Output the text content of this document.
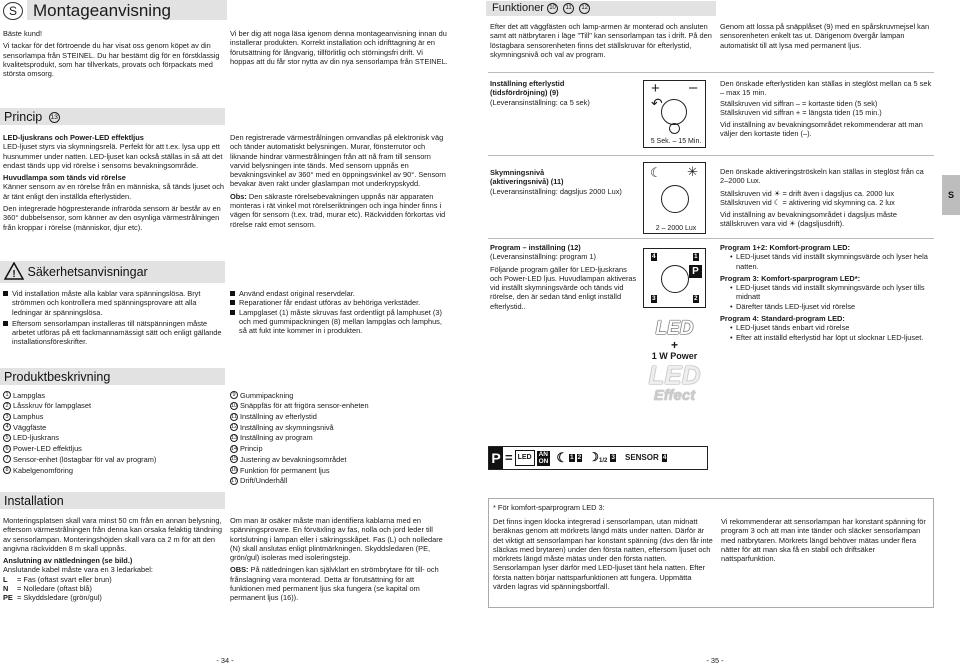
S Montageanvisning

Bäste kund!

Vi tackar för det förtroende du har visat oss genom köpet av din sensorlampa från STEINEL. Du har bestämt dig för en förstklassig kvalitetsprodukt, som har tillverkats, provats och förpackats med största omsorg.

Vi ber dig att noga läsa igenom denna montageanvisning innan du installerar produkten. Korrekt installation och idrifttagning är en förutsättning för långvarig, tillförlitlig och störningsfri drift. Vi hoppas att du får stor nytta av din nya sensorlampa från STEINEL.
Princip 13

LED-ljuskrans och Power-LED effektljus

LED-ljuset styrs via skymningsrelä. Perfekt för att t.ex. lysa upp ett husnummer under natten. LED-ljuset kan också ställas in så att det endast tänds upp vid rörelse i sensorns bevakningsområde.

Huvudlampa som tänds vid rörelse

Känner sensorn av en rörelse från en människa, så tänds ljuset och är tänt enligt den inställda efterlystiden.

Den integrerade högpresterande infraröda sensorn är består av en 360° dubbelsensor, som känner av den osynliga värmestrålningen från kroppar i rörelse (människor, djur etc).

Den registrerade värmestrålningen omvandlas på elektronisk väg och tänder automatiskt belysningen. Murar, fönsterrutor och liknande hindrar värmestrålningen från att nå fram till sensorn varvid belysningen inte tänds. Med sensorn uppnås en bevakningsvinkel av 360° med en öppningsvinkel av 90°. Sensorn bevakar även rakt under glaslampan mot underkrypskydd.

Obs: Den säkraste rörelsebevakningen uppnås när apparaten monteras i rät vinkel mot rörelseriktningen och inga hinder finns i vägen för sensorn (t.ex. träd, murar etc). Räckvidden förkortas vid rörelse rakt emot sensorn.

! Säkerhetsanvisningar
Vid installation måste alla kablar vara spänningslösa. Bryt strömmen och kontrollera med spänningsprovare att alla ledningar är spänningslösa.
Eftersom sensorlampan installeras till nätspänningen måste arbetet utföras på ett fackmannamässigt sätt och enligt gällande installationsföreskrifter.
Använd endast original reservdelar.
Reparationer får endast utföras av behöriga verkstäder.
Lampglaset (1) måste skruvas fast ordentligt på lamphuset (3) och med gummipackningen (8) mellan lampglas och lamphus, så att fukt inte kommer in i produkten.
Produktbeskrivning
1 Lampglas
2 Låsskruv för lampglaset
3 Lamphus
4 Väggfäste
5 LED-ljuskrans
6 Power-LED effektljus
7 Sensor-enhet (löstagbar för val av program)
8 Kabelgenomföring
9 Gummipackning
10 Snäppfäs för att frigöra sensor-enheten
11 Inställning av efterlystid
12 Inställning av skymningsnivå
13 Inställning av program
14 Princip
15 Justering av bevakningsområdet
16 Funktion för permanent ljus
17 Drift/Underhåll
Installation

Monteringsplatsen skall vara minst 50 cm från en annan belysning, eftersom värmestrålningen från denna kan orsaka felaktig tändning av sensorlampan. Monteringshöjden skall vara ca 2 m för att den angivna räckvidden 8 m skall uppnås.

Anslutning av nätledningen (se bild.)

Anslutande kabel måste vara en 3 ledarkabel:

L	= Fas (oftast svart eller brun)
N	= Nolledare (oftast blå)
PE = Skyddsledare (grön/gul)

Om man är osäker måste man identifiera kablarna med en spänningsprovare. En förväxling av fas, nolla och jord leder till kortslutning i lampan eller i säkringsskåpet. Fas (L) och nolledare (N) skall anslutas enligt plintmärkningen. Skyddsledaren (PE, grön/gul) isoleras med isoleringstejp.

OBS: På nätledningen kan självklart en strömbrytare för till- och frånslagning vara monterad. Detta är förutsättning för att funktionen med permanent ljus ska fungera (se kapital om permanent ljus (16)).

- 34 -
Funktioner 10 11 12
Efter det att väggfästen och lamp-armen är monterad och ansluten samt att nätbrytaren i läge "Till" kan sensorlampan tas i drift. På den löstagbara sensorenheten finns det ställskruvar för efterlystid, skymningsnivå och val av program.
Genom att lossa på snäpplåset (9) med en spårskruvmejsel kan sensorenheten enkelt tas ut. Därigenom övergår lampan automatiskt till att lysa med permanent ljus.

Inställning efterlystid

(tidsfördröjning) (9)

(Leveransinställning: ca 5 sek)

+ –
↶
5 Sek. – 15 Min.

Den önskade efterlystiden kan ställas in steglöst mellan ca 5 sek – max 15 min.

Ställskruven vid siffran – = kortaste tiden (5 sek)

Ställskruven vid siffran + = längsta tiden (15 min.)

Vid inställning av bevakningsområdet rekommenderar att man väljer den kortaste tiden (–).

Skymningsnivå

(aktiveringsnivå) (11)

(Leveransinställning: dagsljus 2000 Lux)

☾ ✳
2 – 2000 Lux

Den önskade aktiveringströskeln kan ställas in steglöst från ca 2–2000 Lux.

Ställskruven vid ☀ = drift även i dagsljus ca. 2000 lux

Ställskruven vid ☾ = aktivering vid skymning ca. 2 lux

Vid inställning av bevakningsområdet i dagsljus måste ställskruven vara vid ☀ (dagsljusdrift).

Program – inställning (12)

(Leveransinställning: program 1)

Följande program gäller för LED-ljuskrans och Power-LED ljus. Huvudlampan aktiveras vid inställt skymningsvärde och tänds vid rörelse, den är sedan tänd enligt inställd efterlystid..

4	1
P
3	2

Program 1+2: Komfort-program LED:

• LED-ljuset tänds vid inställt skymningsvärde och lyser hela natten.

Program 3: Komfort-sparprogram LED*:

• LED-ljuset tänds vid inställt skymningsvärde och lyser tills midnatt
• Därefter tänds LED-ljuset vid rörelse

Program 4: Standard-program LED:

• LED-ljuset tänds enbart vid rörelse
• Efter att inställd efterlystid har löpt ut slocknar LED-ljuset.
LED
+
1 W Power
LED
Effect
P = LED	AN
ON ☾ 1 2 ☽ 1/2
3 SENSOR 4
* För komfort-sparprogram LED 3:
Det finns ingen klocka integrerad i sensorlampan, utan midnatt beräknas genom att mörkrets längd mäts under natten. Därför är det viktigt att sensorlampan har konstant spänning (dvs den får inte släckas med brytaren) under den första natten, eftersom ljuset och mörkrets längd måste mätas under den första natten. Sensorlampan lyser därför med LED-ljuset tänt hela natten. Efter första natten börjar nattsparfunktionen att fungera. Uppmätta värden lagras vid spänningsbortfall.
Vi rekommenderar att sensorlampan har konstant spänning för program 3 och att man inte tänder och släcker sensorlampan med nätbrytaren. Mörkrets längd behöver mätas under flera nätter för att man ska få en stabil och driftsäker nattsparfunktion.
S
- 35 -
